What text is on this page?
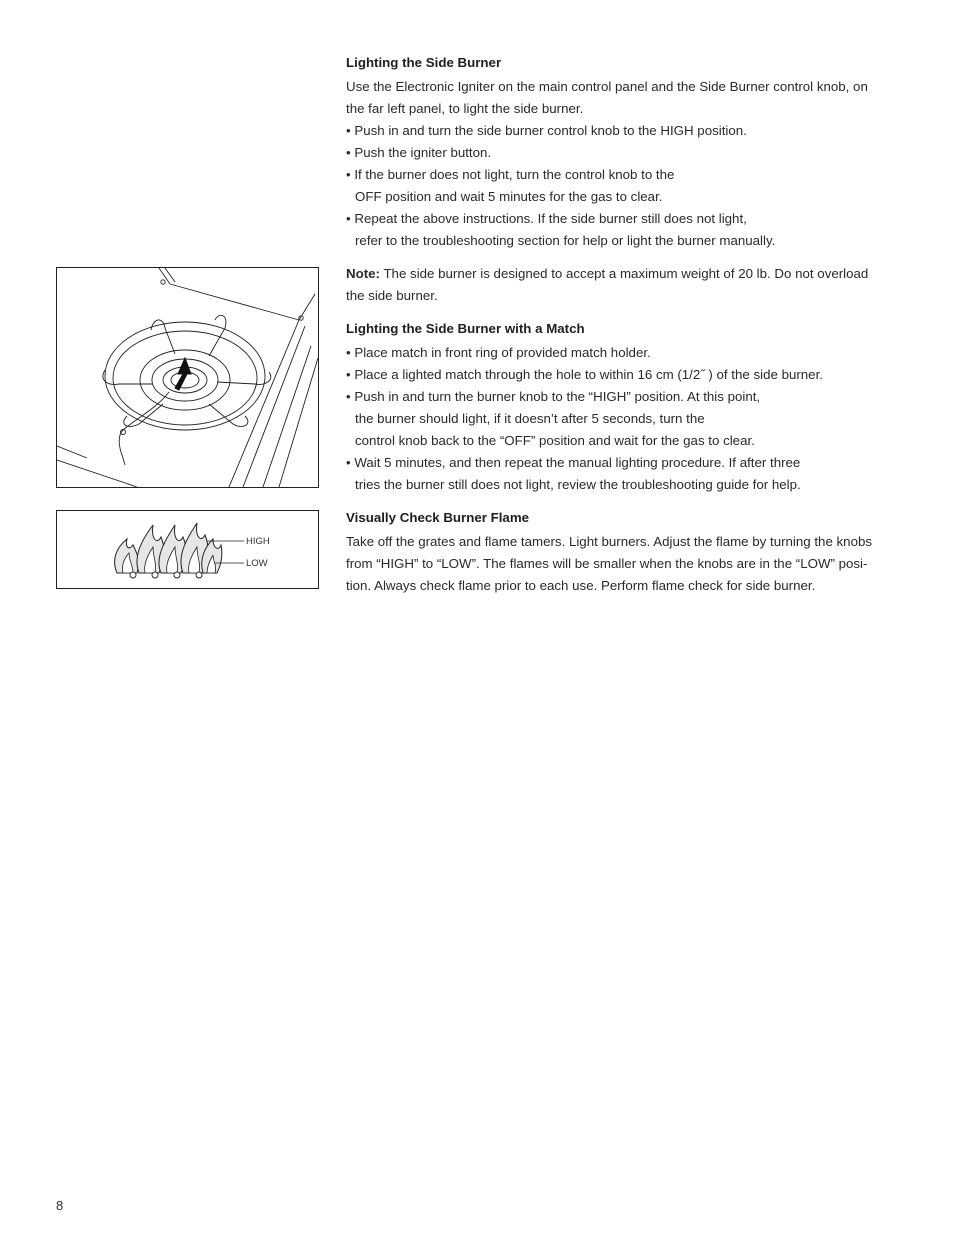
Lighting the Side Burner

Use the Electronic Igniter on the main control panel and the Side Burner control knob, on

the far left panel, to light the side burner.

• Push in and turn the side burner control knob to the HIGH position.

• Push the igniter button.

• If the burner does not light, turn the control knob to the

OFF position and wait 5 minutes for the gas to clear.

• Repeat the above instructions. If the side burner still does not light,

refer to the troubleshooting section for help or light the burner manually.

Note: The side burner is designed to accept a maximum weight of 20 lb. Do not overload

the side burner.

Lighting the Side Burner with a Match

• Place match in front ring of provided match holder.

• Place a lighted match through the hole to within 16 cm (1/2˝ ) of the side burner.

• Push in and turn the burner knob to the “HIGH” position. At this point,

the burner should light, if it doesn’t after 5 seconds, turn the

control knob back to the “OFF” position and wait for the gas to clear.

• Wait 5 minutes, and then repeat the manual lighting procedure. If after three

tries the burner still does not light, review the troubleshooting guide for help.

Visually Check Burner Flame

Take off the grates and flame tamers. Light burners. Adjust the flame by turning the knobs

from “HIGH” to “LOW”. The flames will be smaller when the knobs are in the “LOW” posi-

tion. Always check flame prior to each use. Perform flame check for side burner.

HIGH
LOW
8
